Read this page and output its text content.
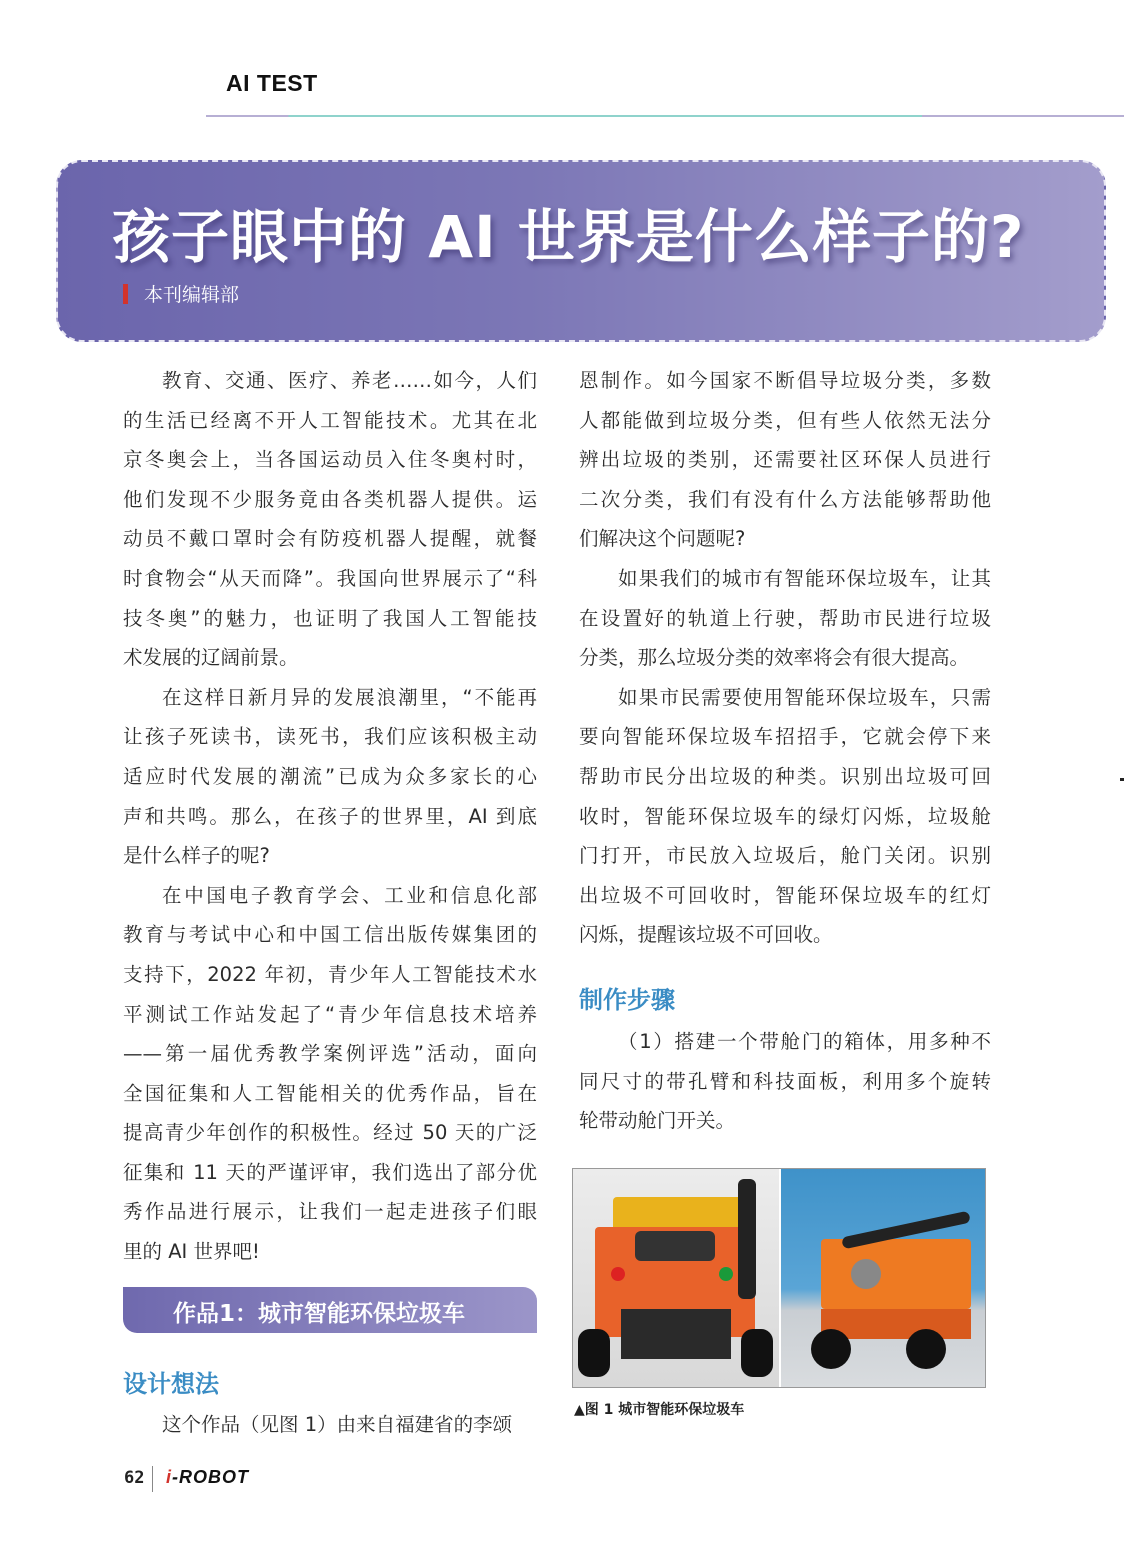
AI TEST
孩子眼中的 AI 世界是什么样子的?
本刊编辑部
教育、交通、医疗、养老……如今，人们
的生活已经离不开人工智能技术。尤其在北
京冬奥会上，当各国运动员入住冬奥村时，
他们发现不少服务竟由各类机器人提供。运
动员不戴口罩时会有防疫机器人提醒，就餐
时食物会“从天而降”。我国向世界展示了“科
技冬奥”的魅力，也证明了我国人工智能技
术发展的辽阔前景。
在这样日新月异的发展浪潮里，“不能再
让孩子死读书，读死书，我们应该积极主动
适应时代发展的潮流”已成为众多家长的心
声和共鸣。那么，在孩子的世界里，AI 到底
是什么样子的呢?
在中国电子教育学会、工业和信息化部
教育与考试中心和中国工信出版传媒集团的
支持下，2022 年初，青少年人工智能技术水
平测试工作站发起了“青少年信息技术培养
——第一届优秀教学案例评选”活动，面向
全国征集和人工智能相关的优秀作品，旨在
提高青少年创作的积极性。经过 50 天的广泛
征集和 11 天的严谨评审，我们选出了部分优
秀作品进行展示，让我们一起走进孩子们眼
里的 AI 世界吧!
作品1：城市智能环保垃圾车
设计想法
这个作品（见图 1）由来自福建省的李颂
恩制作。如今国家不断倡导垃圾分类，多数
人都能做到垃圾分类，但有些人依然无法分
辨出垃圾的类别，还需要社区环保人员进行
二次分类，我们有没有什么方法能够帮助他
们解决这个问题呢?
如果我们的城市有智能环保垃圾车，让其
在设置好的轨道上行驶，帮助市民进行垃圾
分类，那么垃圾分类的效率将会有很大提高。
如果市民需要使用智能环保垃圾车，只需
要向智能环保垃圾车招招手，它就会停下来
帮助市民分出垃圾的种类。识别出垃圾可回
收时，智能环保垃圾车的绿灯闪烁，垃圾舱
门打开，市民放入垃圾后，舱门关闭。识别
出垃圾不可回收时，智能环保垃圾车的红灯
闪烁，提醒该垃圾不可回收。
制作步骤
（1）搭建一个带舱门的箱体，用多种不
同尺寸的带孔臂和科技面板，利用多个旋转
轮带动舱门开关。
▲图 1 城市智能环保垃圾车
62 i-ROBOT
